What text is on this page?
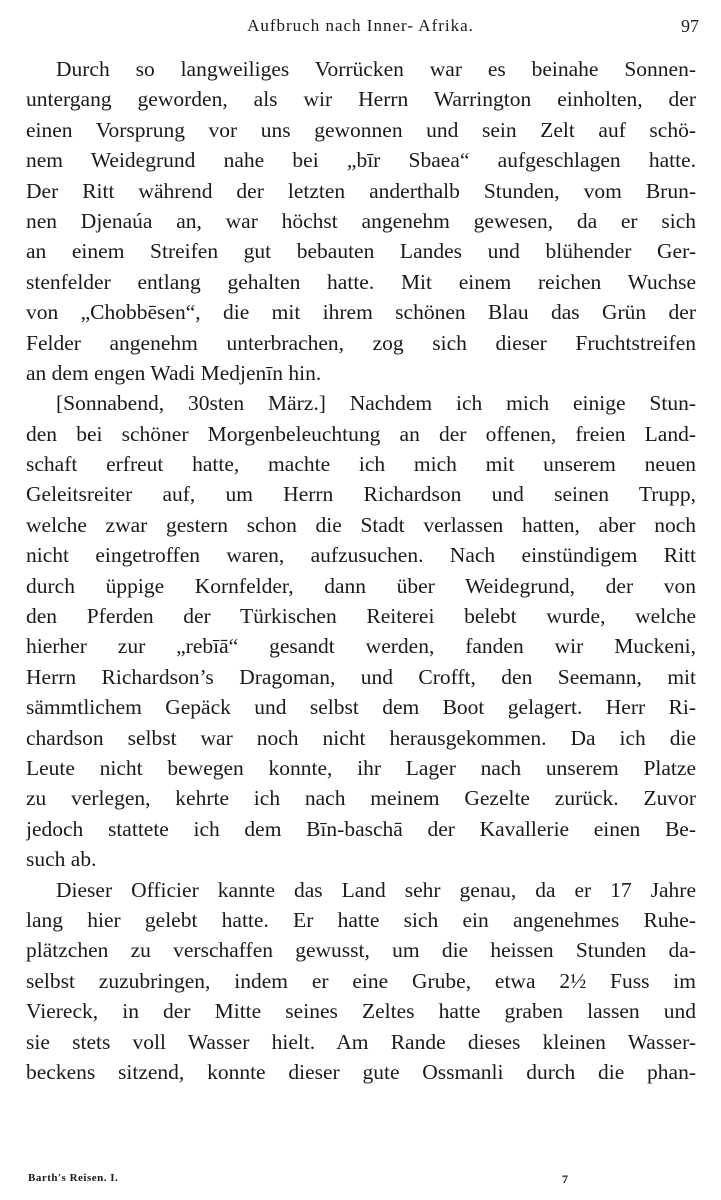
Aufbruch nach Inner- Afrika.	97
Durch so langweiliges Vorrücken war es beinahe Sonnen-
untergang geworden, als wir Herrn Warrington einholten, der
einen Vorsprung vor uns gewonnen und sein Zelt auf schö-
nem Weidegrund nahe bei „bīr Sbaea“ aufgeschlagen hatte.
Der Ritt während der letzten anderthalb Stunden, vom Brun-
nen Djenaúa an, war höchst angenehm gewesen, da er sich
an einem Streifen gut bebauten Landes und blühender Ger-
stenfelder entlang gehalten hatte. Mit einem reichen Wuchse
von „Chobbēsen“, die mit ihrem schönen Blau das Grün der
Felder angenehm unterbrachen, zog sich dieser Fruchtstreifen
an dem engen Wadi Medjenīn hin.
[Sonnabend, 30sten März.] Nachdem ich mich einige Stun-
den bei schöner Morgenbeleuchtung an der offenen, freien Land-
schaft erfreut hatte, machte ich mich mit unserem neuen
Geleitsreiter auf, um Herrn Richardson und seinen Trupp,
welche zwar gestern schon die Stadt verlassen hatten, aber noch
nicht eingetroffen waren, aufzusuchen. Nach einstündigem Ritt
durch üppige Kornfelder, dann über Weidegrund, der von
den Pferden der Türkischen Reiterei belebt wurde, welche
hierher zur „rebīā“ gesandt werden, fanden wir Muckeni,
Herrn Richardson’s Dragoman, und Crofft, den Seemann, mit
sämmtlichem Gepäck und selbst dem Boot gelagert. Herr Ri-
chardson selbst war noch nicht herausgekommen. Da ich die
Leute nicht bewegen konnte, ihr Lager nach unserem Platze
zu verlegen, kehrte ich nach meinem Gezelte zurück. Zuvor
jedoch stattete ich dem Bīn-baschā der Kavallerie einen Be-
such ab.
Dieser Officier kannte das Land sehr genau, da er 17 Jahre
lang hier gelebt hatte. Er hatte sich ein angenehmes Ruhe-
plätzchen zu verschaffen gewusst, um die heissen Stunden da-
selbst zuzubringen, indem er eine Grube, etwa 2½ Fuss im
Viereck, in der Mitte seines Zeltes hatte graben lassen und
sie stets voll Wasser hielt. Am Rande dieses kleinen Wasser-
beckens sitzend, konnte dieser gute Ossmanli durch die phan-
Barth's Reisen. I.	7
